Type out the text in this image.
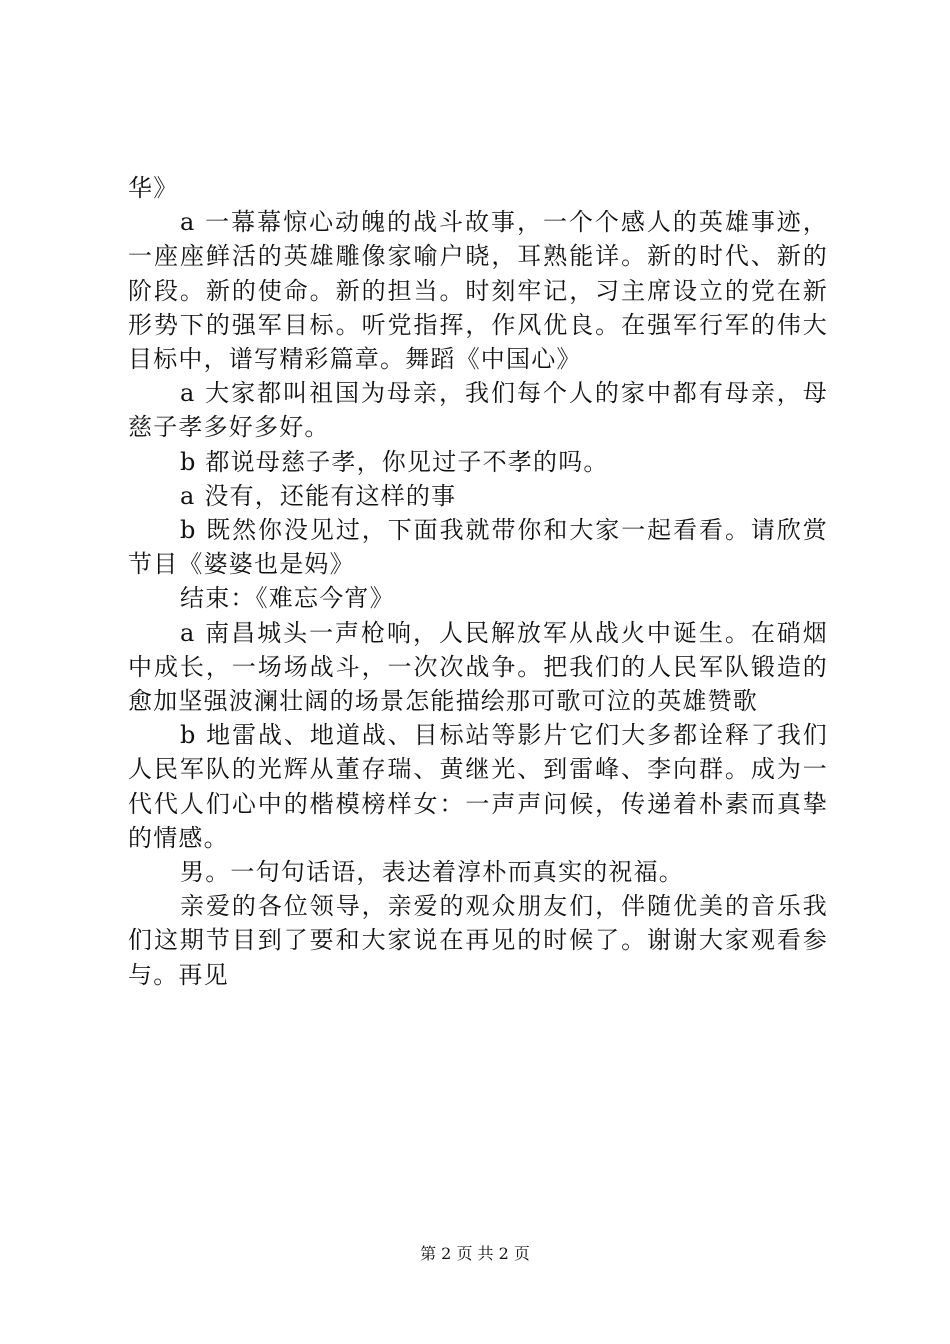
华》

a 一幕幕惊心动魄的战斗故事，一个个感人的英雄事迹，一座座鲜活的英雄雕像家喻户晓，耳熟能详。新的时代、新的阶段。新的使命。新的担当。时刻牢记，习主席设立的党在新形势下的强军目标。听党指挥，作风优良。在强军行军的伟大目标中，谱写精彩篇章。舞蹈《中国心》

a 大家都叫祖国为母亲，我们每个人的家中都有母亲，母慈子孝多好多好。

b 都说母慈子孝，你见过子不孝的吗。

a 没有，还能有这样的事

b 既然你没见过，下面我就带你和大家一起看看。请欣赏节目《婆婆也是妈》

结束：《难忘今宵》

a 南昌城头一声枪响，人民解放军从战火中诞生。在硝烟中成长，一场场战斗，一次次战争。把我们的人民军队锻造的愈加坚强波澜壮阔的场景怎能描绘那可歌可泣的英雄赞歌

b 地雷战、地道战、目标站等影片它们大多都诠释了我们人民军队的光辉从董存瑞、黄继光、到雷峰、李向群。成为一代代人们心中的楷模榜样女：一声声问候，传递着朴素而真挚的情感。

男。一句句话语，表达着淳朴而真实的祝福。

亲爱的各位领导，亲爱的观众朋友们，伴随优美的音乐我们这期节目到了要和大家说在再见的时候了。谢谢大家观看参与。再见

第 2 页 共 2 页
